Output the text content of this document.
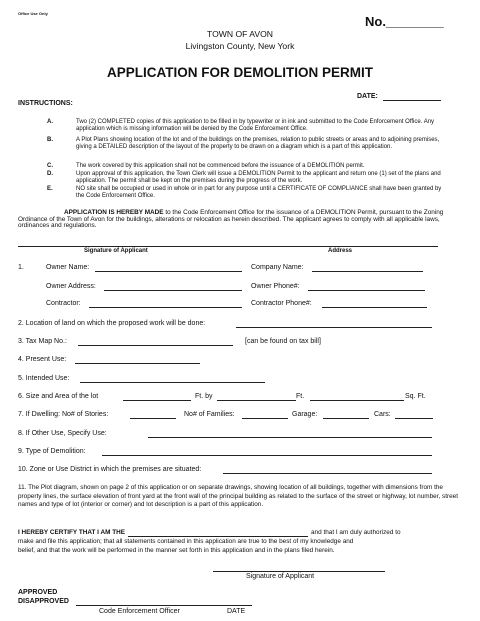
Office Use Only
No.________
TOWN OF AVON
Livingston County, New York
APPLICATION FOR DEMOLITION PERMIT
DATE:
INSTRUCTIONS:
A.	Two (2) COMPLETED copies of this application to be filled in by typewriter or in ink and submitted to the Code Enforcement Office. Any application which is missing information will be denied by the Code Enforcement Office.
B.	A Plot Plans showing location of the lot and of the buildings on the premises, relation to public streets or areas and to adjoining premises, giving a DETAILED description of the layout of the property to be drawn on a diagram which is a part of this application.
C.	The work covered by this application shall not be commenced before the issuance of a DEMOLITION permit.
D.	Upon approval of this application, the Town Clerk will issue a DEMOLITION Permit to the applicant and return one (1) set of the plans and application. The permit shall be kept on the premises during the progress of the work.
E.	NO site shall be occupied or used in whole or in part for any purpose until a CERTIFICATE OF COMPLIANCE shall have been granted by the Code Enforcement Office.
APPLICATION IS HEREBY MADE to the Code Enforcement Office for the issuance of a DEMOLITION Permit, pursuant to the Zoning Ordinance of the Town of Avon for the buildings, alterations or relocation as herein described. The applicant agrees to comply with all applicable laws, ordinances and regulations.
Signature of Applicant	Address
1.	Owner Name:	Company Name:
Owner Address:	Owner Phone#:
Contractor:	Contractor Phone#:
2. Location of land on which the proposed work will be done:
3. Tax Map No.:	[can be found on tax bill]
4. Present Use:
5. Intended Use:
6. Size and Area of the lot	Ft. by	Ft.	Sq. Ft.
7. If Dwelling: No# of Stories:	No# of Families:	Garage:	Cars:
8. If Other Use, Specify Use:
9. Type of Demolition:
10. Zone or Use District in which the premises are situated:
11. The Plot diagram, shown on page 2 of this application or on separate drawings, showing location of all buildings, together with dimensions from the property lines, the surface elevation of front yard at the front wall of the principal building as related to the surface of the street or highway, lot number, street names and type of lot (interior or corner) and lot description is a part of this application.
I HEREBY CERTIFY THAT I AM THE	and that I am duly authorized to
make and file this application; that all statements contained in this application are true to the best of my knowledge and
belief, and that the work will be performed in the manner set forth in this application and in the plans filed herein.
Signature of Applicant
APPROVED
DISAPPROVED
Code Enforcement Officer	DATE
